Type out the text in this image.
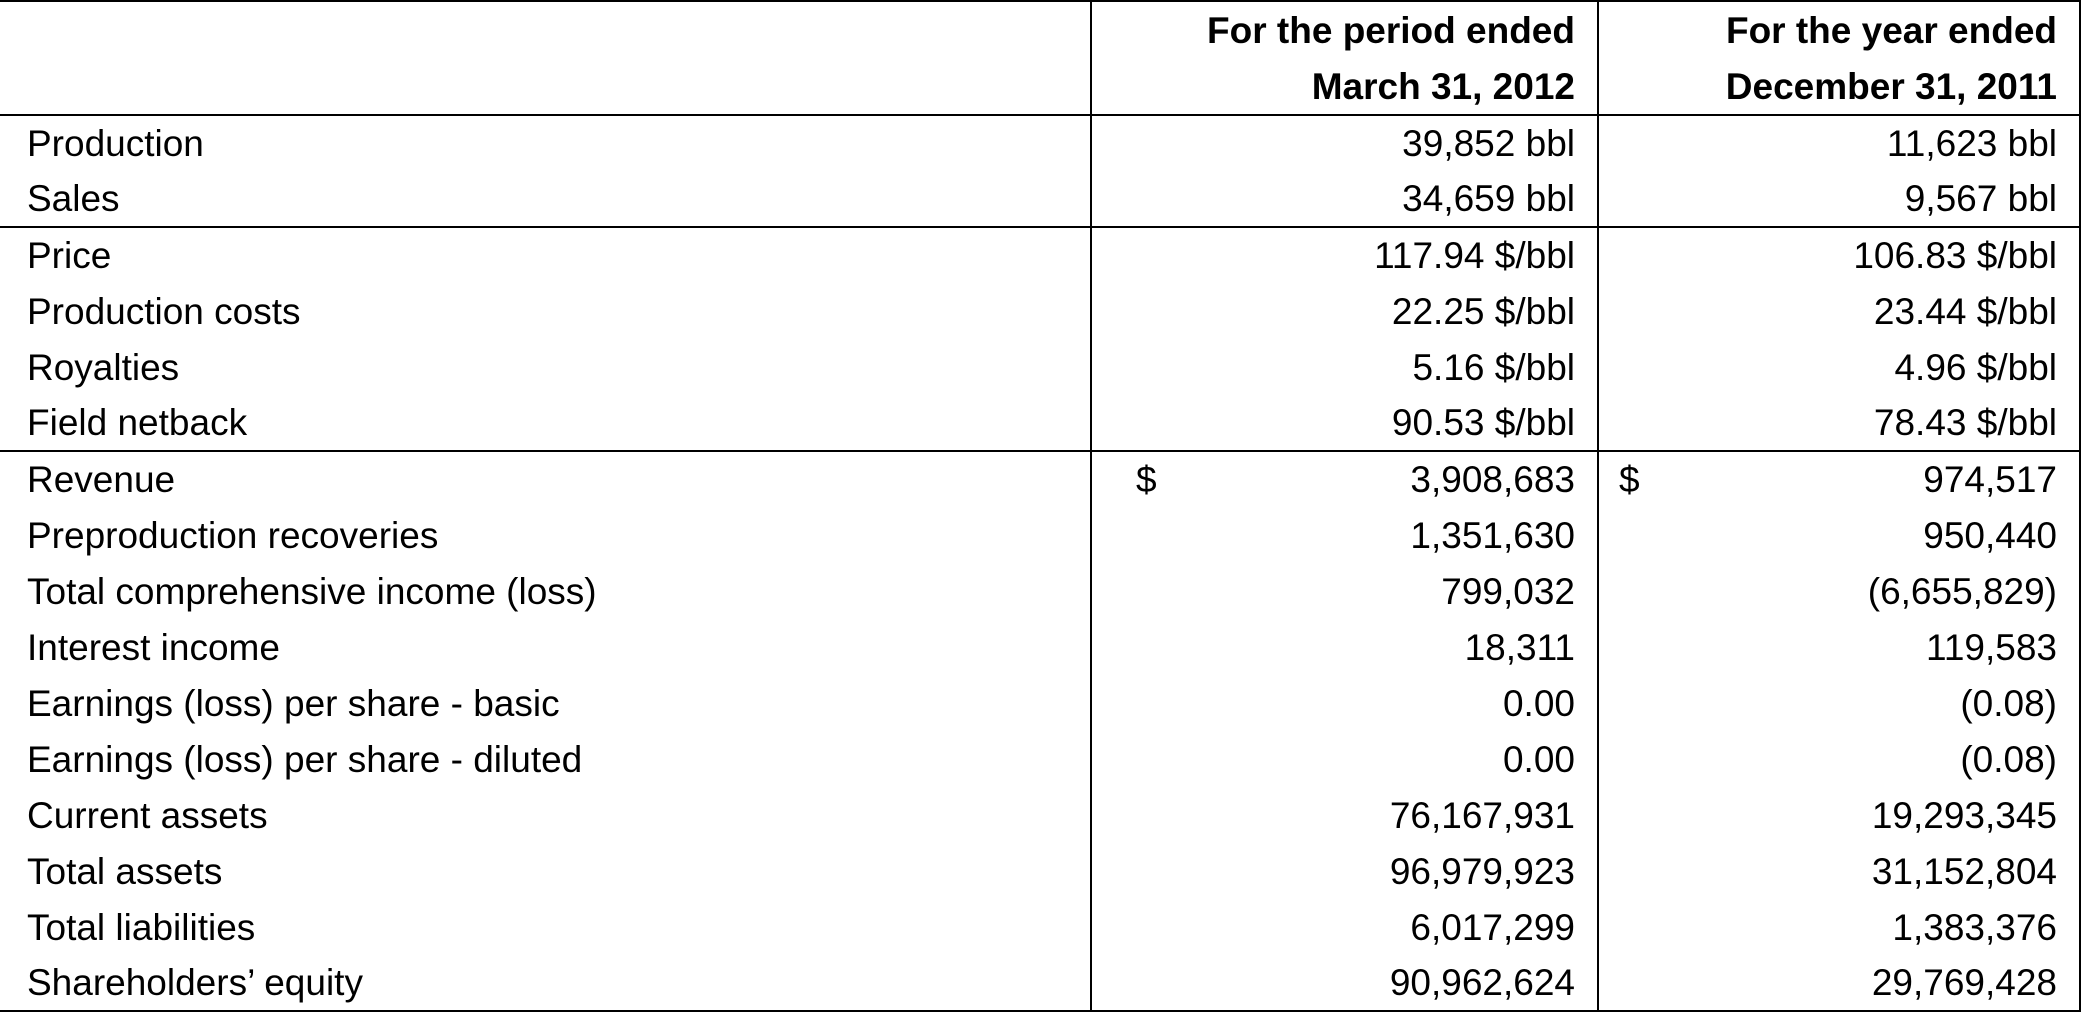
	For the period ended	For the year ended
	March 31, 2012	December 31, 2011
Production	39,852 bbl	11,623 bbl
Sales	34,659 bbl	9,567 bbl
Price	117.94 $/bbl	106.83 $/bbl
Production costs	22.25 $/bbl	23.44 $/bbl
Royalties	5.16 $/bbl	4.96 $/bbl
Field netback	90.53 $/bbl	78.43 $/bbl
Revenue	$ 3,908,683	$ 974,517
Preproduction recoveries	1,351,630	950,440
Total comprehensive income (loss)	799,032	(6,655,829)
Interest income	18,311	119,583
Earnings (loss) per share - basic	0.00	(0.08)
Earnings (loss) per share - diluted	0.00	(0.08)
Current assets	76,167,931	19,293,345
Total assets	96,979,923	31,152,804
Total liabilities	6,017,299	1,383,376
Shareholders’ equity	90,962,624	29,769,428
